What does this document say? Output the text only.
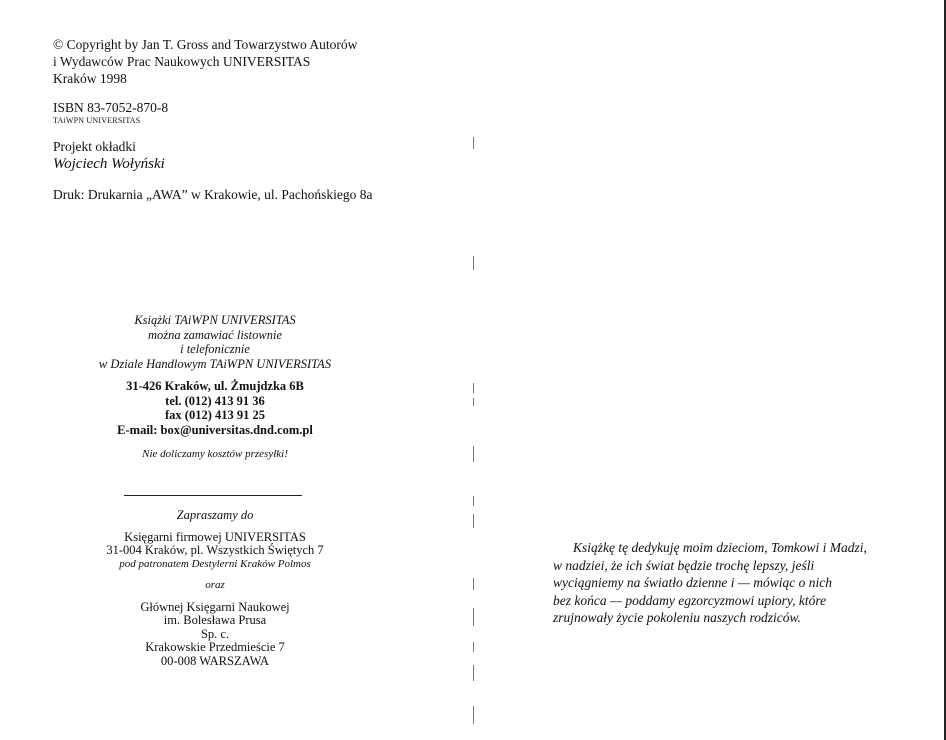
© Copyright by Jan T. Gross and Towarzystwo Autorów
i Wydawców Prac Naukowych UNIVERSITAS
Kraków 1998
ISBN 83-7052-870-8
TAiWPN UNIVERSITAS
Projekt okładki
Wojciech Wołyński
Druk: Drukarnia „AWA” w Krakowie, ul. Pachońskiego 8a
Książki TAiWPN UNIVERSITAS
można zamawiać listownie
i telefonicznie
w Dziale Handlowym TAiWPN UNIVERSITAS
31-426 Kraków, ul. Żmujdzka 6B
tel. (012) 413 91 36
fax (012) 413 91 25
E-mail: box@universitas.dnd.com.pl
Nie doliczamy kosztów przesyłki!
Zapraszamy do
Księgarni firmowej UNIVERSITAS
31-004 Kraków, pl. Wszystkich Świętych 7
pod patronatem Destylerni Kraków Polmos
oraz
Głównej Księgarni Naukowej
im. Bolesława Prusa
Sp. c.
Krakowskie Przedmieście 7
00-008 WARSZAWA
Książkę tę dedykuję moim dzieciom, Tomkowi i Madzi,
w nadziei, że ich świat będzie trochę lepszy, jeśli
wyciągniemy na światło dzienne i — mówiąc o nich
bez końca — poddamy egzorcyzmowi upiory, które
zrujnowały życie pokoleniu naszych rodziców.
